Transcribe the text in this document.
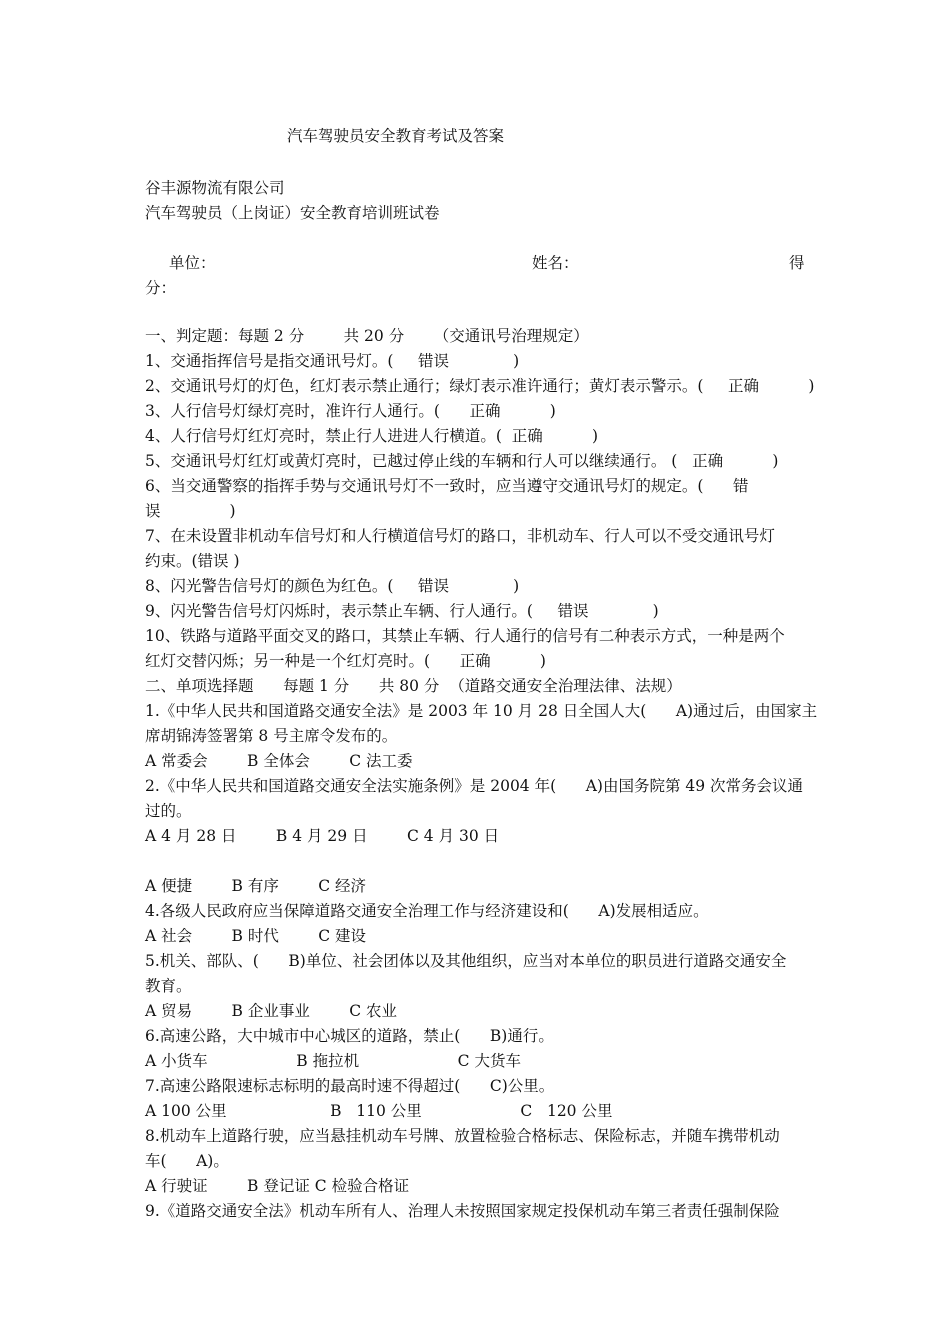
汽车驾驶员安全教育考试及答案
谷丰源物流有限公司
汽车驾驶员（上岗证）安全教育培训班试卷
单位：	姓名：	得
分：
一、判定题：每题 2 分        共 20 分      （交通讯号治理规定）
1、交通指挥信号是指交通讯号灯。(     错误             )
2、交通讯号灯的灯色，红灯表示禁止通行；绿灯表示准许通行；黄灯表示警示。(     正确          )
3、人行信号灯绿灯亮时，准许行人通行。(      正确          )
4、人行信号灯红灯亮时，禁止行人进进人行横道。(  正确          )
5、交通讯号灯红灯或黄灯亮时，已越过停止线的车辆和行人可以继续通行。 (   正确          )
6、当交通警察的指挥手势与交通讯号灯不一致时，应当遵守交通讯号灯的规定。(      错
误              )
7、在未设置非机动车信号灯和人行横道信号灯的路口，非机动车、行人可以不受交通讯号灯
约束。(错误 )
8、闪光警告信号灯的颜色为红色。(     错误             )
9、闪光警告信号灯闪烁时，表示禁止车辆、行人通行。(     错误             )
10、铁路与道路平面交叉的路口，其禁止车辆、行人通行的信号有二种表示方式，一种是两个
红灯交替闪烁；另一种是一个红灯亮时。(      正确          )
二、单项选择题      每题 1 分      共 80 分  （道路交通安全治理法律、法规）
1.《中华人民共和国道路交通安全法》是 2003 年 10 月 28 日全国人大(      A)通过后，由国家主
席胡锦涛签署第 8 号主席令发布的。
A 常委会        B 全体会        C 法工委
2.《中华人民共和国道路交通安全法实施条例》是 2004 年(      A)由国务院第 49 次常务会议通
过的。
A 4 月 28 日        B 4 月 29 日        C 4 月 30 日
A 便捷        B 有序        C 经济
4.各级人民政府应当保障道路交通安全治理工作与经济建设和(      A)发展相适应。
A 社会        B 时代        C 建设
5.机关、部队、(      B)单位、社会团体以及其他组织，应当对本单位的职员进行道路交通安全
教育。
A 贸易        B 企业事业        C 农业
6.高速公路，大中城市中心城区的道路，禁止(      B)通行。
A 小货车                  B 拖拉机                    C 大货车
7.高速公路限速标志标明的最高时速不得超过(      C)公里。
A 100 公里                     B   110 公里                    C   120 公里
8.机动车上道路行驶，应当悬挂机动车号牌、放置检验合格标志、保险标志，并随车携带机动
车(      A)。
A 行驶证        B 登记证 C 检验合格证
9.《道路交通安全法》机动车所有人、治理人未按照国家规定投保机动车第三者责任强制保险
